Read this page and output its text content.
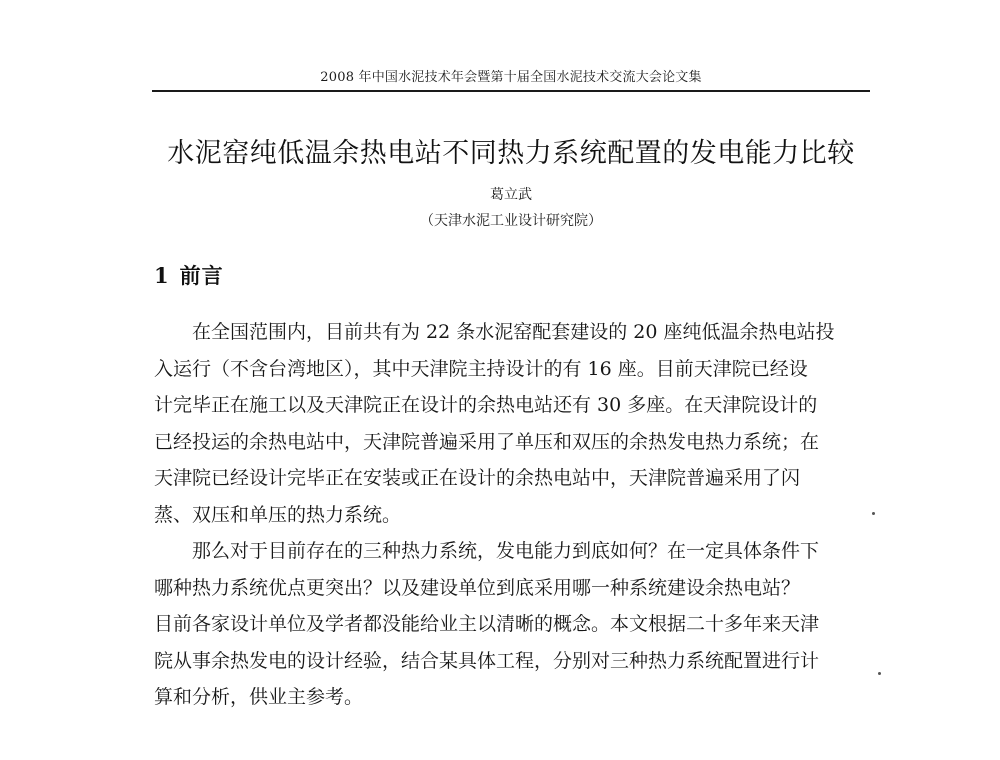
2008 年中国水泥技术年会暨第十届全国水泥技术交流大会论文集
水泥窑纯低温余热电站不同热力系统配置的发电能力比较
葛立武
（天津水泥工业设计研究院）
1 前言
在全国范围内，目前共有为 22 条水泥窑配套建设的 20 座纯低温余热电站投
入运行（不含台湾地区），其中天津院主持设计的有 16 座。目前天津院已经设
计完毕正在施工以及天津院正在设计的余热电站还有 30 多座。在天津院设计的
已经投运的余热电站中，天津院普遍采用了单压和双压的余热发电热力系统；在
天津院已经设计完毕正在安装或正在设计的余热电站中，天津院普遍采用了闪
蒸、双压和单压的热力系统。
那么对于目前存在的三种热力系统，发电能力到底如何？在一定具体条件下
哪种热力系统优点更突出？以及建设单位到底采用哪一种系统建设余热电站？
目前各家设计单位及学者都没能给业主以清晰的概念。本文根据二十多年来天津
院从事余热发电的设计经验，结合某具体工程，分别对三种热力系统配置进行计
算和分析，供业主参考。
